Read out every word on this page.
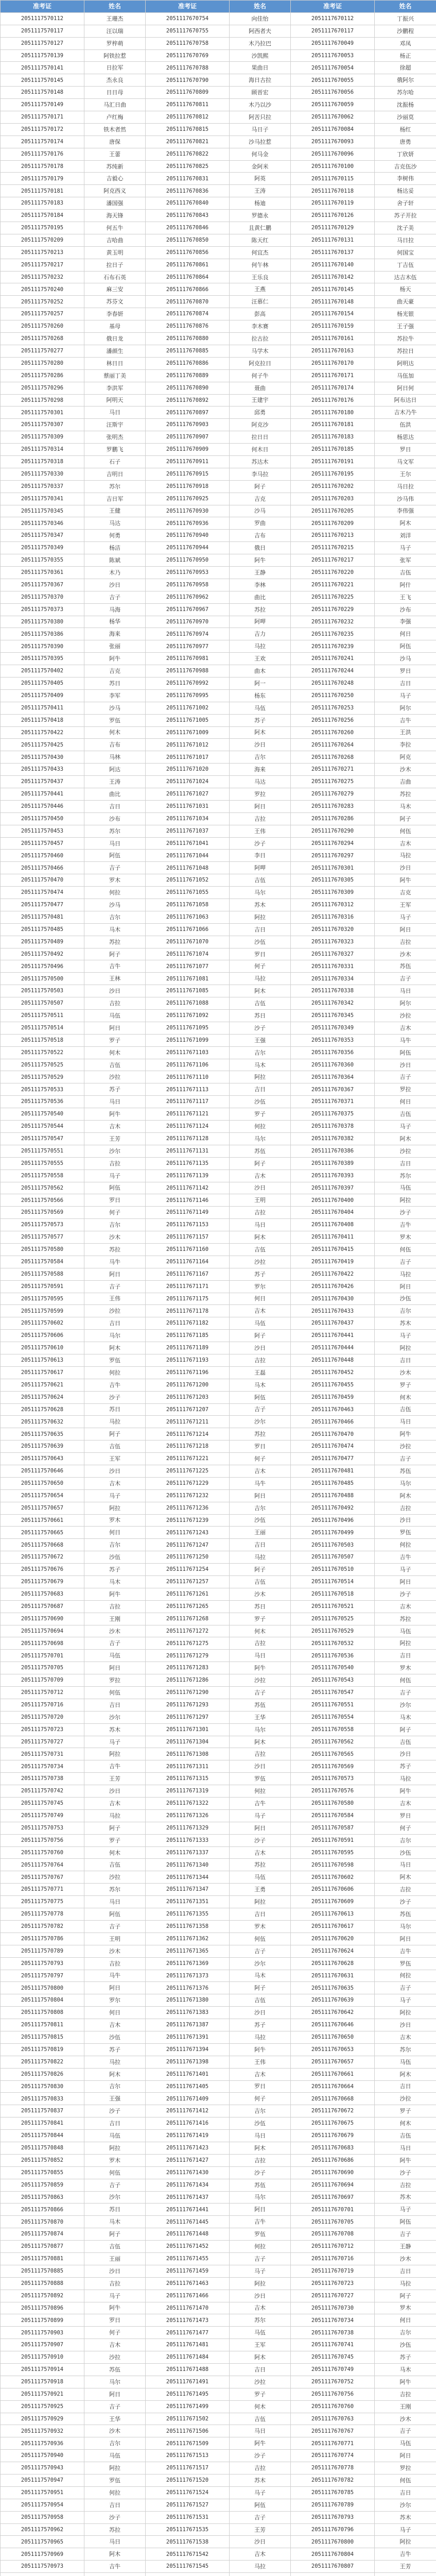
准考证	姓名	准考证	姓名	准考证	姓名
2051117570112	王珊杰	2051117670754	向佳怡	2051117670112	丁振兴
2051117570117	汪以瑞	2051117670755	阿西者夫	2051117670117	沙鹏程
2051117570127	罗梓萌	2051117670758	木乃拉巴	2051117670049	邓凤
2051117570139	阿铁拉惹	2051117670769	沙凯熙	2051117670053	杨正
2051117570141	日拉军	2051117670788	果曲日	2051117670054	徐超
2051117570145	杰永良	2051117670790	海日古拉	2051117670055	俄阿尔
2051117570148	日日母	2051117670809	顾晋宏	2051117670056	苏尔哈
2051117570149	马汇日曲	2051117670811	木乃以沙	2051117670059	沈振杨
2051117570171	卢红梅	2051117670812	阿苦只拉	2051117670062	沙丽莫
2051117570172	铁木者然	2051117670815	马日子	2051117670084	杨红
2051117570174	唐保	2051117670821	沙马拉惹	2051117670093	唐勇
2051117570176	王蕾	2051117670822	何马金	2051117670096	丁欣妍
2051117570178	苏纯新	2051117670825	金阿米	2051117670100	吉克伍沙
2051117570179	吉毅心	2051117670831	阿英	2051117670115	李树伟
2051117570181	阿克西义	2051117670836	王涛	2051117670118	杨达妥
2051117570183	潘国强	2051117670840	杨迪	2051117670119	舍子轩
2051117570184	海天锋	2051117670843	罗德永	2051117670126	苏子开拉
2051117570195	何五牛	2051117670846	且黄仁鹏	2051117670129	沈子美
2051117570209	吉哈曲	2051117670850	陈天红	2051117670131	马日拉
2051117570213	黄玉明	2051117670856	何宜杰	2051117670137	何国宝
2051117570217	拉日子	2051117670861	何午林	2051117670140	丁吉伍
2051117570232	石布石英	2051117670864	王乐良	2051117670142	达吉木伍
2051117570240	麻三安	2051117670866	王燕	2051117670145	杨天
2051117570252	苏芬文	2051117670870	汪慕仁	2051117670148	曲天豪
2051117570257	李春妍	2051117670874	彭高	2051117670154	杨光银
2051117570260	基母	2051117670876	李木赛	2051117670159	王子强
2051117570268	俄日龙	2051117670880	拉古拉	2051117670161	苏拉牛
2051117570277	潘颜生	2051117670885	马学木	2051117670163	苏拉日
2051117570280	林日日	2051117670886	阿克拉日	2051117670170	阿明达
2051117570286	蔡丽丁美	2051117670889	何子牛	2051117670171	马伍加
2051117570296	李洪军	2051117670890	聂曲	2051117670174	阿日何
2051117570298	阿明天	2051117670892	王建宇	2051117670176	阿布达日
2051117570301	马日	2051117670897	邱勇	2051117670180	吉木乃牛
2051117570307	汪斯宇	2051117670903	阿克沙	2051117670181	伍洪
2051117570309	张明杰	2051117670907	拉日日	2051117670183	杨思达
2051117570314	罗鹏飞	2051117670909	何木日	2051117670185	罗日
2051117570318	石子	2051117670911	苏达木	2051117670191	马文军
2051117570330	吉明日	2051117670915	李马拉	2051117670195	王尔
2051117570337	苏尔	2051117670918	阿子	2051117670202	马日拉
2051117570341	吉日军	2051117670925	吉克	2051117670203	沙马伟
2051117570345	王健	2051117670930	沙马	2051117670205	李伟强
2051117570346	马达	2051117670936	罗曲	2051117670209	阿木
2051117570347	何勇	2051117670940	吉布	2051117670213	刘洋
2051117570349	杨洁	2051117670944	俄日	2051117670215	马子
2051117570355	陈斌	2051117670950	阿牛	2051117670217	张军
2051117570361	木乃	2051117670953	王静	2051117670220	吉伍
2051117570367	沙日	2051117670958	李林	2051117670221	阿什
2051117570370	吉子	2051117670962	曲比	2051117670225	王飞
2051117570373	马海	2051117670967	苏拉	2051117670229	沙布
2051117570380	杨华	2051117670970	阿呷	2051117670232	李强
2051117570386	海来	2051117670974	吉力	2051117670235	何日
2051117570390	张丽	2051117670977	马拉	2051117670239	阿伍
2051117570395	阿牛	2051117670981	王欢	2051117670241	沙马
2051117570402	吉克	2051117670988	曲木	2051117670244	罗日
2051117570405	苏日	2051117670992	阿一	2051117670248	吉日
2051117570409	李军	2051117670995	杨东	2051117670250	马子
2051117570411	沙马	2051117671002	马伍	2051117670253	阿尔
2051117570418	罗伍	2051117671005	苏子	2051117670256	吉牛
2051117570422	何木	2051117671009	阿木	2051117670260	王洪
2051117570425	吉布	2051117671012	沙日	2051117670264	李拉
2051117570430	马林	2051117671017	吉尔	2051117670268	阿克
2051117570433	阿达	2051117671020	海来	2051117670271	沙木
2051117570437	王涛	2051117671024	马达	2051117670275	吉曲
2051117570441	曲比	2051117671027	罗拉	2051117670279	苏拉
2051117570446	吉日	2051117671031	阿日	2051117670283	马木
2051117570450	沙布	2051117671034	吉拉	2051117670286	阿子
2051117570453	苏尔	2051117671037	王伟	2051117670290	何伍
2051117570457	马日	2051117671041	沙子	2051117670294	吉木
2051117570460	阿伍	2051117671044	李日	2051117670297	马拉
2051117570466	吉子	2051117671048	阿呷	2051117670301	沙日
2051117570470	罗木	2051117671052	吉伍	2051117670305	阿牛
2051117570474	何拉	2051117671055	马尔	2051117670309	吉克
2051117570477	沙马	2051117671058	苏木	2051117670312	王军
2051117570481	吉尔	2051117671063	阿拉	2051117670316	马子
2051117570485	马木	2051117671066	吉日	2051117670320	阿日
2051117570489	苏拉	2051117671070	沙伍	2051117670323	吉拉
2051117570492	阿子	2051117671074	罗日	2051117670327	沙木
2051117570496	吉牛	2051117671077	何子	2051117670331	苏伍
2051117570500	王林	2051117671081	马拉	2051117670334	吉子
2051117570503	沙日	2051117671085	阿木	2051117670338	马日
2051117570507	吉拉	2051117671088	吉伍	2051117670342	阿尔
2051117570511	马伍	2051117671092	苏日	2051117670345	沙拉
2051117570514	阿日	2051117671095	沙子	2051117670349	吉木
2051117570518	罗子	2051117671099	王强	2051117670353	马牛
2051117570522	何木	2051117671103	吉尔	2051117670356	阿伍
2051117570525	吉伍	2051117671106	马木	2051117670360	沙日
2051117570529	沙拉	2051117671110	阿拉	2051117670364	吉子
2051117570533	苏子	2051117671113	吉日	2051117670367	罗拉
2051117570536	马日	2051117671117	沙伍	2051117670371	何日
2051117570540	阿牛	2051117671121	罗子	2051117670375	吉伍
2051117570544	吉木	2051117671124	何拉	2051117670378	马子
2051117570547	王芳	2051117671128	马尔	2051117670382	阿木
2051117570551	沙尔	2051117671131	苏伍	2051117670386	沙拉
2051117570555	吉拉	2051117671135	阿子	2051117670389	吉日
2051117570558	马子	2051117671139	吉木	2051117670393	苏尔
2051117570562	阿伍	2051117671142	沙日	2051117670397	马伍
2051117570566	罗日	2051117671146	王明	2051117670400	阿拉
2051117570569	何子	2051117671149	吉拉	2051117670404	沙子
2051117570573	吉尔	2051117671153	马日	2051117670408	吉牛
2051117570577	沙木	2051117671157	阿木	2051117670411	罗木
2051117570580	苏拉	2051117671160	吉伍	2051117670415	何伍
2051117570584	马牛	2051117671164	沙拉	2051117670419	吉子
2051117570588	阿日	2051117671167	苏子	2051117670422	马拉
2051117570591	吉子	2051117671171	罗尔	2051117670426	阿日
2051117570595	王伟	2051117671175	何日	2051117670430	沙伍
2051117570599	沙拉	2051117671178	吉木	2051117670433	吉尔
2051117570602	吉日	2051117671182	马伍	2051117670437	苏木
2051117570606	马尔	2051117671185	阿子	2051117670441	马子
2051117570610	阿木	2051117671189	沙日	2051117670444	阿拉
2051117570613	罗伍	2051117671193	吉拉	2051117670448	吉日
2051117570617	何拉	2051117671196	王磊	2051117670452	沙木
2051117570621	吉牛	2051117671200	马木	2051117670455	罗子
2051117570624	沙子	2051117671203	阿伍	2051117670459	何木
2051117570628	苏日	2051117671207	吉子	2051117670463	吉伍
2051117570632	马拉	2051117671211	沙尔	2051117670466	马日
2051117570635	阿子	2051117671214	苏拉	2051117670470	阿牛
2051117570639	吉伍	2051117671218	罗日	2051117670474	沙拉
2051117570643	王军	2051117671221	何子	2051117670477	吉子
2051117570646	沙日	2051117671225	吉木	2051117670481	苏伍
2051117570650	吉木	2051117671229	马牛	2051117670485	马尔
2051117570654	马子	2051117671232	阿日	2051117670488	阿木
2051117570657	阿拉	2051117671236	吉尔	2051117670492	吉拉
2051117570661	罗木	2051117671239	沙伍	2051117670496	沙日
2051117570665	何日	2051117671243	王丽	2051117670499	罗伍
2051117570668	吉尔	2051117671247	吉日	2051117670503	何拉
2051117570672	沙伍	2051117671250	马拉	2051117670507	吉牛
2051117570676	苏子	2051117671254	阿子	2051117670510	马子
2051117570679	马木	2051117671257	吉伍	2051117670514	阿日
2051117570683	阿牛	2051117671261	沙木	2051117670518	沙子
2051117570687	吉拉	2051117671265	苏日	2051117670521	吉木
2051117570690	王刚	2051117671268	罗子	2051117670525	苏拉
2051117570694	沙木	2051117671272	何木	2051117670529	马伍
2051117570698	吉子	2051117671275	吉拉	2051117670532	阿拉
2051117570701	马伍	2051117671279	马日	2051117670536	吉日
2051117570705	阿日	2051117671283	阿牛	2051117670540	罗木
2051117570709	罗拉	2051117671286	沙拉	2051117670543	何伍
2051117570712	何伍	2051117671290	吉子	2051117670547	吉子
2051117570716	吉日	2051117671293	苏伍	2051117670551	沙尔
2051117570720	沙尔	2051117671297	王华	2051117670554	马木
2051117570723	苏木	2051117671301	马尔	2051117670558	阿子
2051117570727	马子	2051117671304	阿木	2051117670562	吉伍
2051117570731	阿拉	2051117671308	吉拉	2051117670565	沙日
2051117570734	吉牛	2051117671311	沙日	2051117670569	苏子
2051117570738	王芳	2051117671315	罗伍	2051117670573	马拉
2051117570742	沙日	2051117671319	何拉	2051117670576	阿牛
2051117570745	吉木	2051117671322	吉牛	2051117670580	吉木
2051117570749	马拉	2051117671326	马子	2051117670584	罗日
2051117570753	阿子	2051117671329	阿日	2051117670587	何子
2051117570756	罗子	2051117671333	沙子	2051117670591	吉尔
2051117570760	何木	2051117671337	吉木	2051117670595	沙伍
2051117570764	吉伍	2051117671340	苏拉	2051117670598	马日
2051117570767	沙拉	2051117671344	马伍	2051117670602	阿木
2051117570771	苏尔	2051117671347	王勇	2051117670606	吉拉
2051117570775	马日	2051117671351	阿拉	2051117670609	沙子
2051117570778	阿伍	2051117671355	吉日	2051117670613	苏伍
2051117570782	吉子	2051117671358	罗木	2051117670617	马尔
2051117570786	王明	2051117671362	何伍	2051117670620	阿日
2051117570789	沙木	2051117671365	吉子	2051117670624	吉牛
2051117570793	吉拉	2051117671369	沙尔	2051117670628	罗伍
2051117570797	马牛	2051117671373	马木	2051117670631	何拉
2051117570800	阿日	2051117671376	阿子	2051117670635	吉子
2051117570804	罗尔	2051117671380	吉伍	2051117670639	马子
2051117570808	何日	2051117671383	沙日	2051117670642	阿拉
2051117570811	吉木	2051117671387	苏子	2051117670646	沙日
2051117570815	沙伍	2051117671391	马拉	2051117670650	吉木
2051117570819	苏子	2051117671394	阿牛	2051117670653	苏尔
2051117570822	马拉	2051117671398	王伟	2051117670657	马伍
2051117570826	阿木	2051117671401	吉木	2051117670661	阿木
2051117570830	吉尔	2051117671405	罗日	2051117670664	吉日
2051117570833	王强	2051117671409	何子	2051117670668	沙拉
2051117570837	沙子	2051117671412	吉尔	2051117670672	罗子
2051117570841	吉日	2051117671416	沙伍	2051117670675	何木
2051117570844	马伍	2051117671419	马日	2051117670679	吉伍
2051117570848	阿拉	2051117671423	阿木	2051117670683	马日
2051117570852	罗木	2051117671427	吉拉	2051117670686	阿牛
2051117570855	何伍	2051117671430	沙子	2051117670690	沙子
2051117570859	吉子	2051117671434	苏伍	2051117670694	吉拉
2051117570863	沙尔	2051117671437	马尔	2051117670697	苏木
2051117570866	苏日	2051117671441	阿日	2051117670701	马子
2051117570870	马木	2051117671445	吉牛	2051117670705	阿伍
2051117570874	阿子	2051117671448	罗伍	2051117670708	吉子
2051117570877	吉伍	2051117671452	何拉	2051117670712	王静
2051117570881	王丽	2051117671455	吉子	2051117670716	沙木
2051117570885	沙日	2051117671459	马子	2051117670719	吉日
2051117570888	吉拉	2051117671463	阿拉	2051117670723	马拉
2051117570892	马子	2051117671466	沙日	2051117670727	阿子
2051117570896	阿牛	2051117671470	吉木	2051117670730	罗木
2051117570899	罗日	2051117671473	苏尔	2051117670734	何日
2051117570903	何子	2051117671477	马伍	2051117670738	吉尔
2051117570907	吉木	2051117671481	王军	2051117670741	沙伍
2051117570910	沙拉	2051117671484	阿木	2051117670745	苏子
2051117570914	苏伍	2051117671488	吉日	2051117670749	马木
2051117570918	马尔	2051117671491	沙拉	2051117670752	阿牛
2051117570921	阿日	2051117671495	罗子	2051117670756	吉拉
2051117570925	吉子	2051117671499	何木	2051117670760	王刚
2051117570929	王华	2051117671502	吉伍	2051117670763	沙木
2051117570932	沙木	2051117671506	马日	2051117670767	吉子
2051117570936	吉尔	2051117671509	阿牛	2051117670771	马伍
2051117570940	马伍	2051117671513	沙子	2051117670774	阿日
2051117570943	阿拉	2051117671517	吉拉	2051117670778	罗拉
2051117570947	罗伍	2051117671520	苏木	2051117670782	何伍
2051117570951	何拉	2051117671524	马子	2051117670785	吉日
2051117570954	吉日	2051117671527	阿伍	2051117670789	沙尔
2051117570958	沙子	2051117671531	吉子	2051117670793	苏木
2051117570962	苏拉	2051117671535	王芳	2051117670796	马子
2051117570965	马日	2051117671538	沙日	2051117670800	阿拉
2051117570969	阿木	2051117671542	吉木	2051117670804	吉牛
2051117570973	吉牛	2051117671545	马拉	2051117670807	王芳
